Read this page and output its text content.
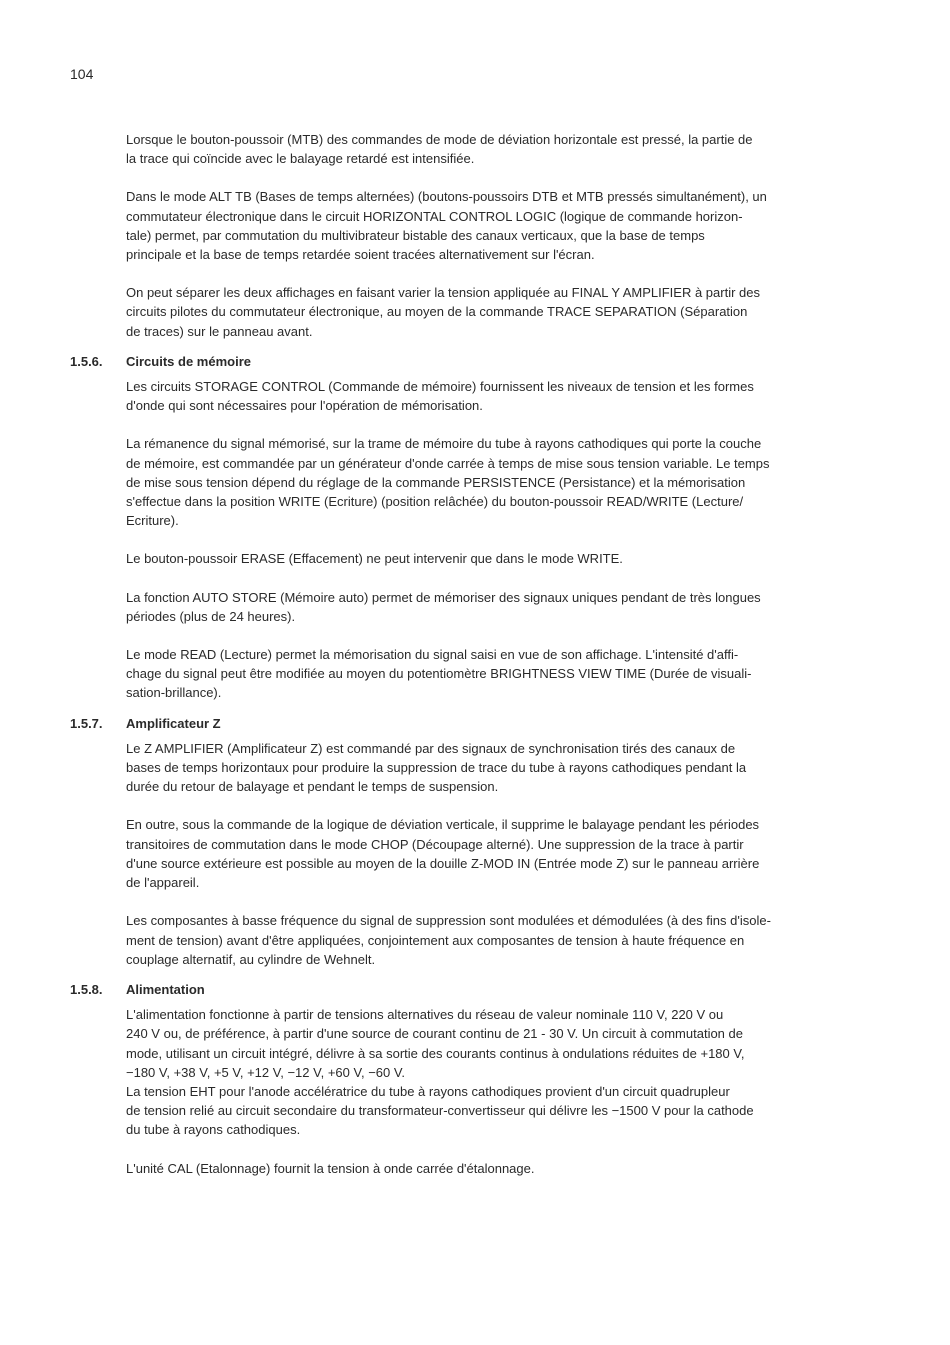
104

Lorsque le bouton-poussoir (MTB) des commandes de mode de déviation horizontale est pressé, la partie de
la trace qui coïncide avec le balayage retardé est intensifiée.

Dans le mode ALT TB (Bases de temps alternées) (boutons-poussoirs DTB et MTB pressés simultanément), un
commutateur électronique dans le circuit HORIZONTAL CONTROL LOGIC (logique de commande horizon-
tale) permet, par commutation du multivibrateur bistable des canaux verticaux, que la base de temps
principale et la base de temps retardée soient tracées alternativement sur l'écran.

On peut séparer les deux affichages en faisant varier la tension appliquée au FINAL Y AMPLIFIER à partir des
circuits pilotes du commutateur électronique, au moyen de la commande TRACE SEPARATION (Séparation
de traces) sur le panneau avant.

1.5.6. Circuits de mémoire

Les circuits STORAGE CONTROL (Commande de mémoire) fournissent les niveaux de tension et les formes
d'onde qui sont nécessaires pour l'opération de mémorisation.

La rémanence du signal mémorisé, sur la trame de mémoire du tube à rayons cathodiques qui porte la couche
de mémoire, est commandée par un générateur d'onde carrée à temps de mise sous tension variable. Le temps
de mise sous tension dépend du réglage de la commande PERSISTENCE (Persistance) et la mémorisation
s'effectue dans la position WRITE (Ecriture) (position relâchée) du bouton-poussoir READ/WRITE (Lecture/
Ecriture).

Le bouton-poussoir ERASE (Effacement) ne peut intervenir que dans le mode WRITE.

La fonction AUTO STORE (Mémoire auto) permet de mémoriser des signaux uniques pendant de très longues
périodes (plus de 24 heures).

Le mode READ (Lecture) permet la mémorisation du signal saisi en vue de son affichage. L'intensité d'affi-
chage du signal peut être modifiée au moyen du potentiomètre BRIGHTNESS VIEW TIME (Durée de visuali-
sation-brillance).

1.5.7. Amplificateur Z

Le Z AMPLIFIER (Amplificateur Z) est commandé par des signaux de synchronisation tirés des canaux de
bases de temps horizontaux pour produire la suppression de trace du tube à rayons cathodiques pendant la
durée du retour de balayage et pendant le temps de suspension.

En outre, sous la commande de la logique de déviation verticale, il supprime le balayage pendant les périodes
transitoires de commutation dans le mode CHOP (Découpage alterné). Une suppression de la trace à partir
d'une source extérieure est possible au moyen de la douille Z-MOD IN (Entrée mode Z) sur le panneau arrière
de l'appareil.

Les composantes à basse fréquence du signal de suppression sont modulées et démodulées (à des fins d'isole-
ment de tension) avant d'être appliquées, conjointement aux composantes de tension à haute fréquence en
couplage alternatif, au cylindre de Wehnelt.

1.5.8. Alimentation

L'alimentation fonctionne à partir de tensions alternatives du réseau de valeur nominale 110 V, 220 V ou
240 V ou, de préférence, à partir d'une source de courant continu de 21 - 30 V. Un circuit à commutation de
mode, utilisant un circuit intégré, délivre à sa sortie des courants continus à ondulations réduites de +180 V,
−180 V, +38 V, +5 V, +12 V, −12 V, +60 V, −60 V.
La tension EHT pour l'anode accélératrice du tube à rayons cathodiques provient d'un circuit quadrupleur
de tension relié au circuit secondaire du transformateur-convertisseur qui délivre les −1500 V pour la cathode
du tube à rayons cathodiques.

L'unité CAL (Etalonnage) fournit la tension à onde carrée d'étalonnage.
